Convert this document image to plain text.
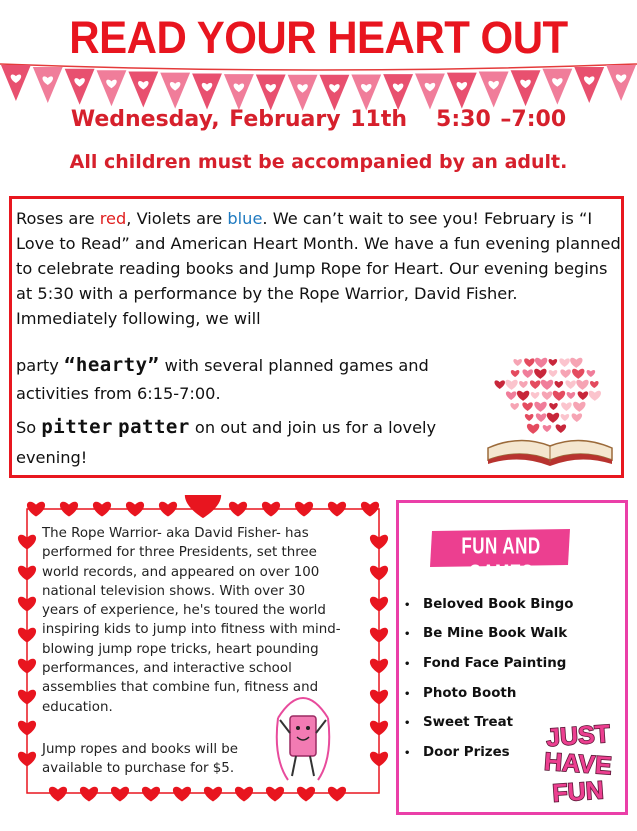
READ YOUR HEART OUT
Wednesday, February 11th 5:30 –7:00
All children must be accompanied by an adult.
Roses are red, Violets are blue. We can’t wait to see you! February is “I Love to Read” and American Heart Month. We have a fun evening planned to celebrate reading books and Jump Rope for Heart. Our evening begins at 5:30 with a performance by the Rope Warrior, David Fisher. Immediately following, we will
party “hearty” with several planned games and
activities from 6:15-7:00.
So pitter patter on out and join us for a lovely
evening!
The Rope Warrior- aka David Fisher- has performed for three Presidents, set three world records, and appeared on over 100 national television shows. With over 30 years of experience, he's toured the world inspiring kids to jump into fitness with mind-blowing jump rope tricks, heart pounding performances, and interactive school assemblies that combine fun, fitness and education.
Jump ropes and books will be available to purchase for $5.
FUN AND GAMES
• Beloved Book Bingo
• Be Mine Book Walk
• Fond Face Painting
• Photo Booth
• Sweet Treat
• Door Prizes
JUST
HAVE
FUN
